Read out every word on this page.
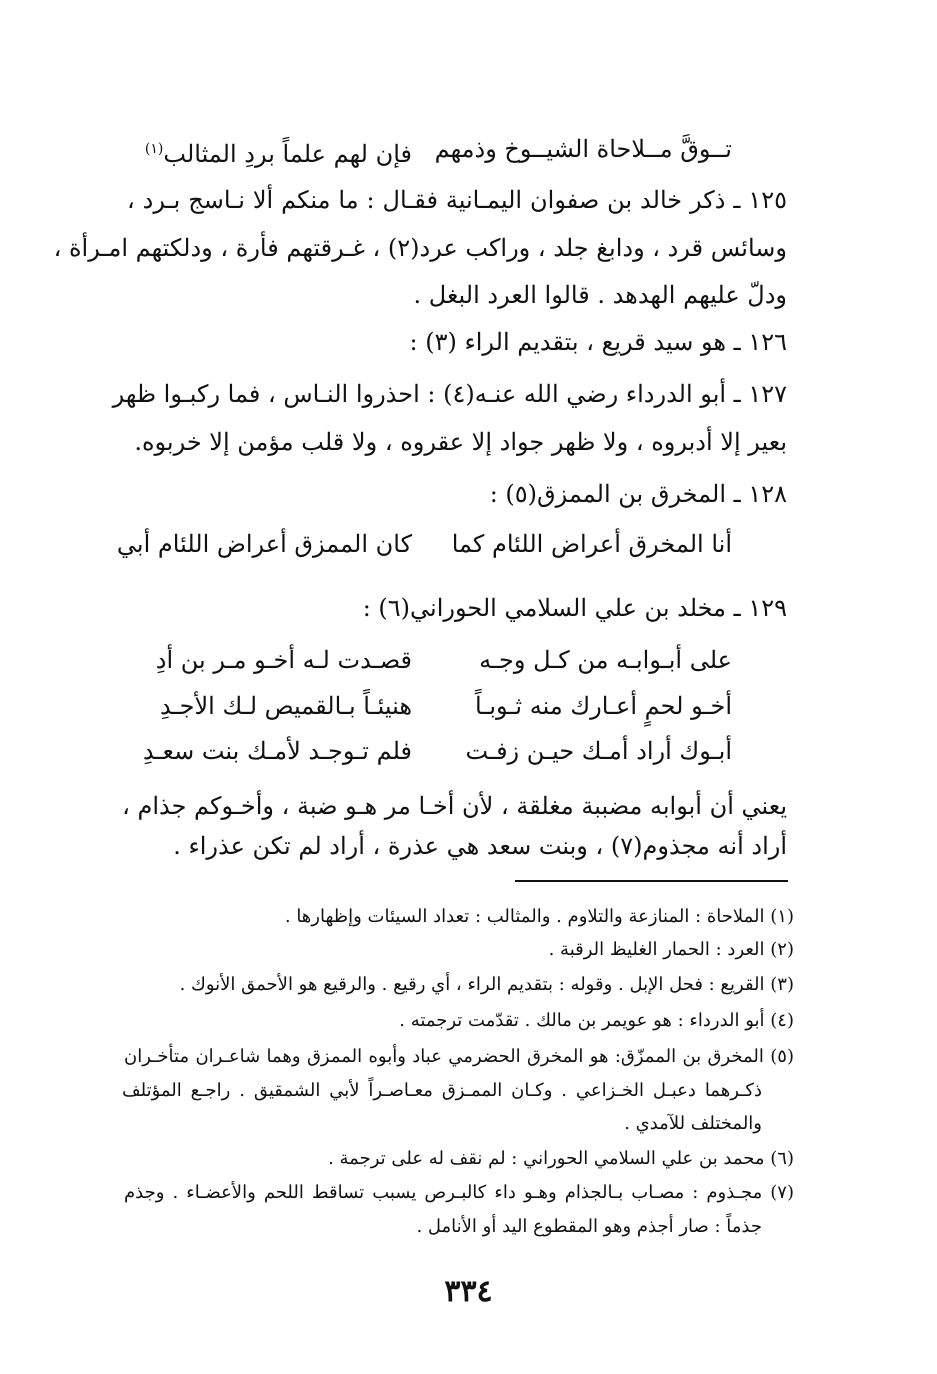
تــوقَّ مــلاحاة الشيــوخ وذمهم
فإن لهم علماً بردِ المثالب$^{(١)}$
١٢٥ ـ ذكر خالد بن صفوان اليمـانية فقـال : ما منكم ألا نـاسج بـرد ،
وسائس قرد ، ودابغ جلد ، وراكب عرد(٢) ، غـرقتهم فأرة ، ودلكتهم امـرأة ،
ودلّ عليهم الهدهد . قالوا العرد البغل .
١٢٦ ـ هو سيد قريع ، بتقديم الراء (٣) :
١٢٧ ـ أبو الدرداء رضي الله عنـه(٤) : احذروا النـاس ، فما ركبـوا ظهر
بعير إلا أدبروه ، ولا ظهر جواد إلا عقروه ، ولا قلب مؤمن إلا خربوه.
١٢٨ ـ المخرق بن الممزق(٥) :
أنا المخرق أعراض اللئام كما
كان الممزق أعراض اللئام أبي
١٢٩ ـ مخلد بن علي السلامي الحوراني(٦) :
على أبـوابـه من كـل وجـه
قصـدت لـه أخـو مـر بن أدِ
أخـو لحمٍ أعـارك منه ثـوبـاً
هنيئـاً بـالقميص لـك الأجـدِ
أبـوك أراد أمـك حيـن زفـت
فلم تـوجـد لأمـك بنت سعـدِ
يعني أن أبوابه مضببة مغلقة ، لأن أخـا مر هـو ضبة ، وأخـوكم جذام ،
أراد أنه مجذوم(٧) ، وبنت سعد هي عذرة ، أراد لم تكن عذراء .
(١) الملاحاة : المنازعة والتلاوم . والمثالب : تعداد السيئات وإظهارها .
(٢) العرد : الحمار الغليظ الرقبة .
(٣) القريع : فحل الإبل . وقوله : بتقديم الراء ، أي رقيع . والرقيع هو الأحمق الأنوك .
(٤) أبو الدرداء : هو عويمر بن مالك . تقدّمت ترجمته .
(٥) المخرق بن الممزّق: هو المخرق الحضرمي عباد وأبوه الممزق وهما شاعـران متأخـران
ذكـرهما دعبـل الخـزاعي . وكـان الممـزق معـاصـراً لأبي الشمقيق . راجـع المؤتلف
والمختلف للآمدي .
(٦) محمد بن علي السلامي الحوراني : لم نقف له على ترجمة .
(٧) مجـذوم : مصـاب بـالجذام وهـو داء كالبـرص يسبب تساقط اللحم والأعضـاء . وجذم
جذماً : صار أجذم وهو المقطوع اليد أو الأنامل .
٣٣٤
